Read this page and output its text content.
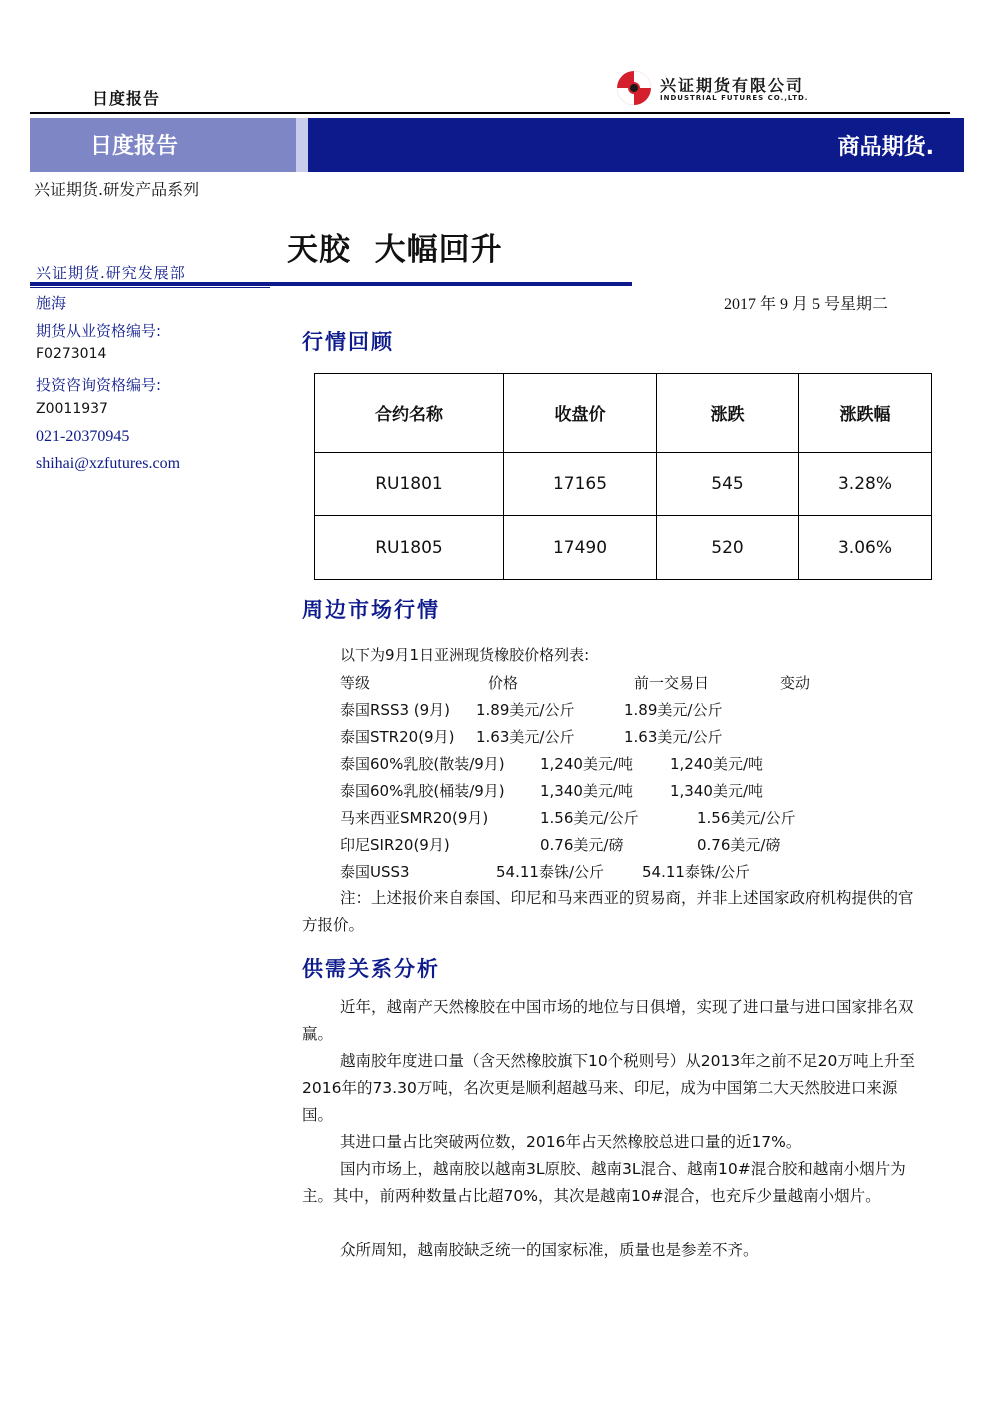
日度报告
兴证期货有限公司
INDUSTRIAL FUTURES CO.,LTD.
日度报告	商品期货.
兴证期货.研发产品系列
天胶  大幅回升
兴证期货.研究发展部
施海
期货从业资格编号:
F0273014
投资咨询资格编号:
Z0011937
021-20370945
shihai@xzfutures.com
2017 年 9 月 5 号星期二
行情回顾
合约名称	收盘价	涨跌	涨跌幅
RU1801	17165	545	3.28%
RU1805	17490	520	3.06%
周边市场行情
以下为9月1日亚洲现货橡胶价格列表:
等级	价格	前一交易日	变动
泰国RSS3 (9月) 1.89美元/公斤	1.89美元/公斤
泰国STR20(9月) 1.63美元/公斤	1.63美元/公斤
泰国60%乳胶(散装/9月) 1,240美元/吨 1,240美元/吨
泰国60%乳胶(桶装/9月) 1,340美元/吨 1,340美元/吨
马来西亚SMR20(9月)	1.56美元/公斤	1.56美元/公斤
印尼SIR20(9月)	0.76美元/磅	0.76美元/磅
泰国USS3	54.11泰铢/公斤	54.11泰铢/公斤
注：上述报价来自泰国、印尼和马来西亚的贸易商，并非上述国家政府机构提供的官方报价。
供需关系分析
近年，越南产天然橡胶在中国市场的地位与日俱增，实现了进口量与进口国家排名双赢。
越南胶年度进口量（含天然橡胶旗下10个税则号）从2013年之前不足20万吨上升至2016年的73.30万吨，名次更是顺利超越马来、印尼，成为中国第二大天然胶进口来源国。
其进口量占比突破两位数，2016年占天然橡胶总进口量的近17%。
国内市场上，越南胶以越南3L原胶、越南3L混合、越南10#混合胶和越南小烟片为主。其中，前两种数量占比超70%，其次是越南10#混合，也充斥少量越南小烟片。
众所周知，越南胶缺乏统一的国家标准，质量也是参差不齐。
